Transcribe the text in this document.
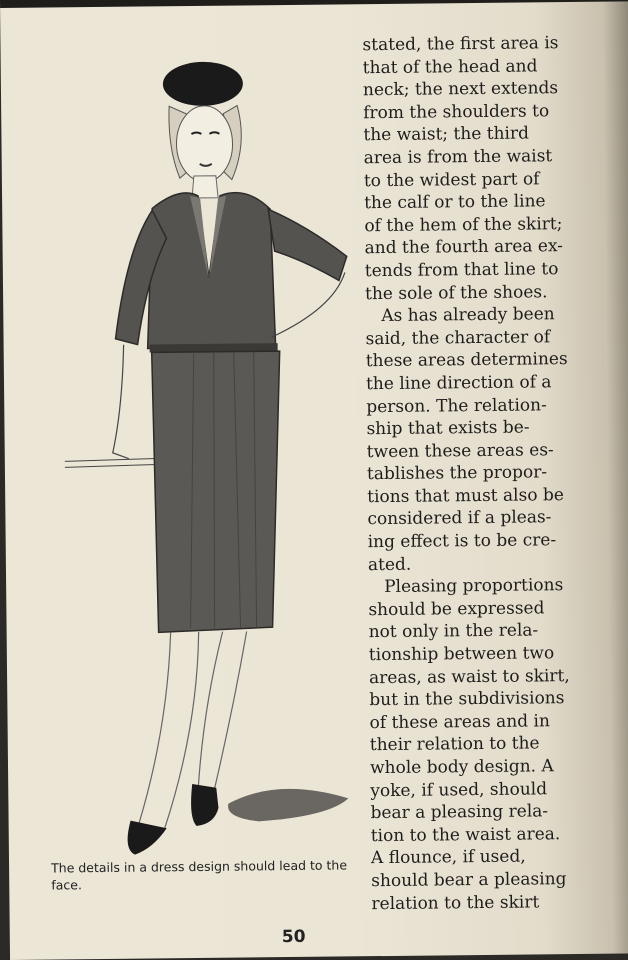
The details in a dress design should lead to the face.
stated, the first area is
that of the head and
neck; the next extends
from the shoulders to
the waist; the third
area is from the waist
to the widest part of
the calf or to the line
of the hem of the skirt;
and the fourth area ex-
tends from that line to
the sole of the shoes.
As has already been
said, the character of
these areas determines
the line direction of a
person. The relation-
ship that exists be-
tween these areas es-
tablishes the propor-
tions that must also be
considered if a pleas-
ing effect is to be cre-
ated.
Pleasing proportions
should be expressed
not only in the rela-
tionship between two
areas, as waist to skirt,
but in the subdivisions
of these areas and in
their relation to the
whole body design. A
yoke, if used, should
bear a pleasing rela-
tion to the waist area.
A flounce, if used,
should bear a pleasing
relation to the skirt
50
